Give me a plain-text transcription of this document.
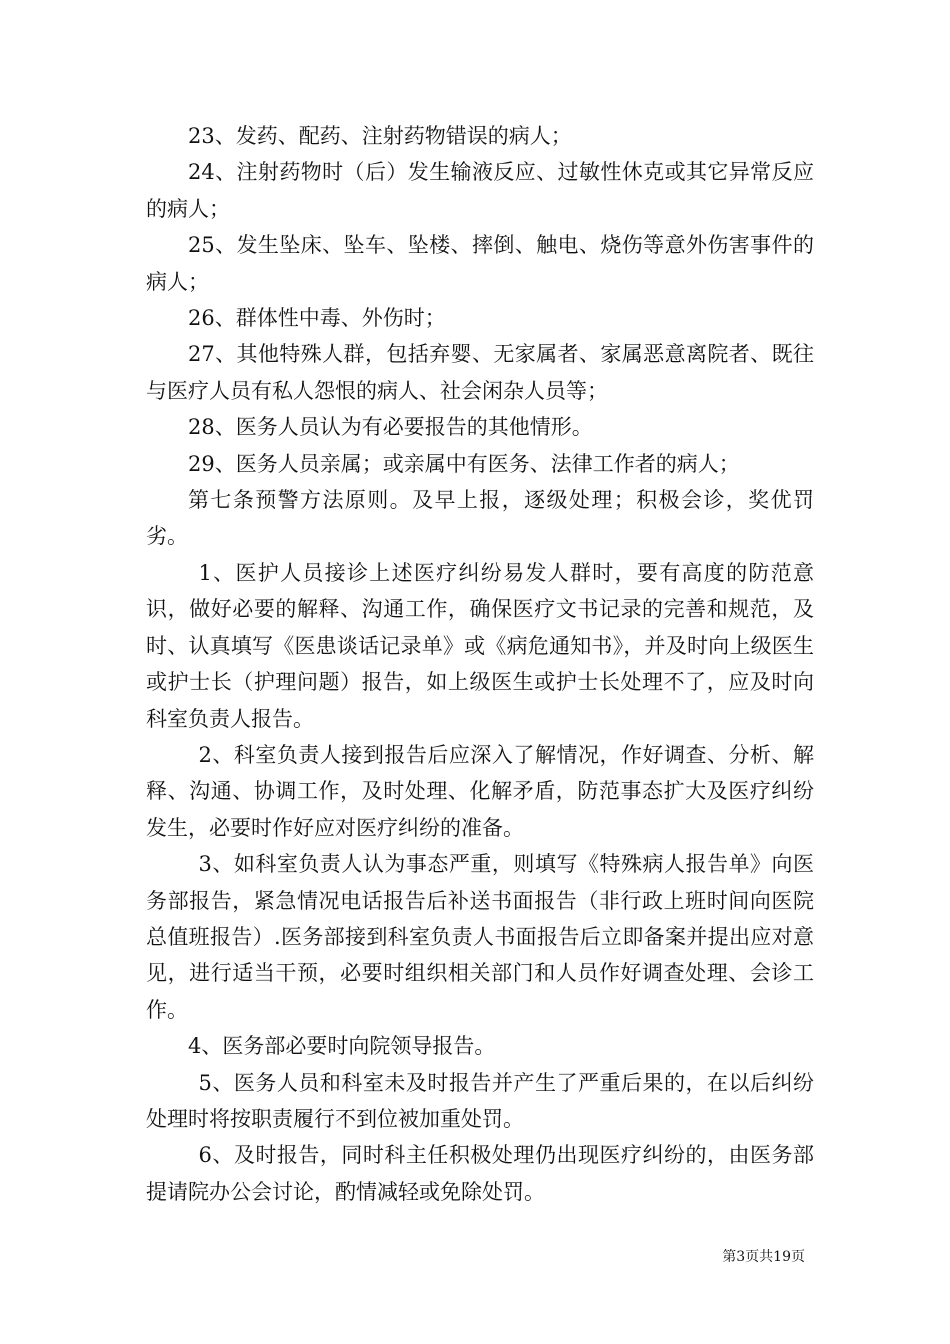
23、发药、配药、注射药物错误的病人；

24、注射药物时（后）发生输液反应、过敏性休克或其它异常反应的病人；

25、发生坠床、坠车、坠楼、摔倒、触电、烧伤等意外伤害事件的病人；

26、群体性中毒、外伤时；

27、其他特殊人群，包括弃婴、无家属者、家属恶意离院者、既往与医疗人员有私人怨恨的病人、社会闲杂人员等；

28、医务人员认为有必要报告的其他情形。

29、医务人员亲属；或亲属中有医务、法律工作者的病人；

第七条预警方法原则。及早上报，逐级处理；积极会诊，奖优罚劣。

1、医护人员接诊上述医疗纠纷易发人群时，要有高度的防范意识，做好必要的解释、沟通工作，确保医疗文书记录的完善和规范，及时、认真填写《医患谈话记录单》或《病危通知书》，并及时向上级医生或护士长（护理问题）报告，如上级医生或护士长处理不了，应及时向科室负责人报告。

2、科室负责人接到报告后应深入了解情况，作好调查、分析、解释、沟通、协调工作，及时处理、化解矛盾，防范事态扩大及医疗纠纷发生，必要时作好应对医疗纠纷的准备。

3、如科室负责人认为事态严重，则填写《特殊病人报告单》向医务部报告，紧急情况电话报告后补送书面报告（非行政上班时间向医院总值班报告）.医务部接到科室负责人书面报告后立即备案并提出应对意见，进行适当干预，必要时组织相关部门和人员作好调查处理、会诊工作。

4、医务部必要时向院领导报告。

5、医务人员和科室未及时报告并产生了严重后果的，在以后纠纷处理时将按职责履行不到位被加重处罚。

6、及时报告，同时科主任积极处理仍出现医疗纠纷的，由医务部提请院办公会讨论，酌情减轻或免除处罚。

第3页共19页
